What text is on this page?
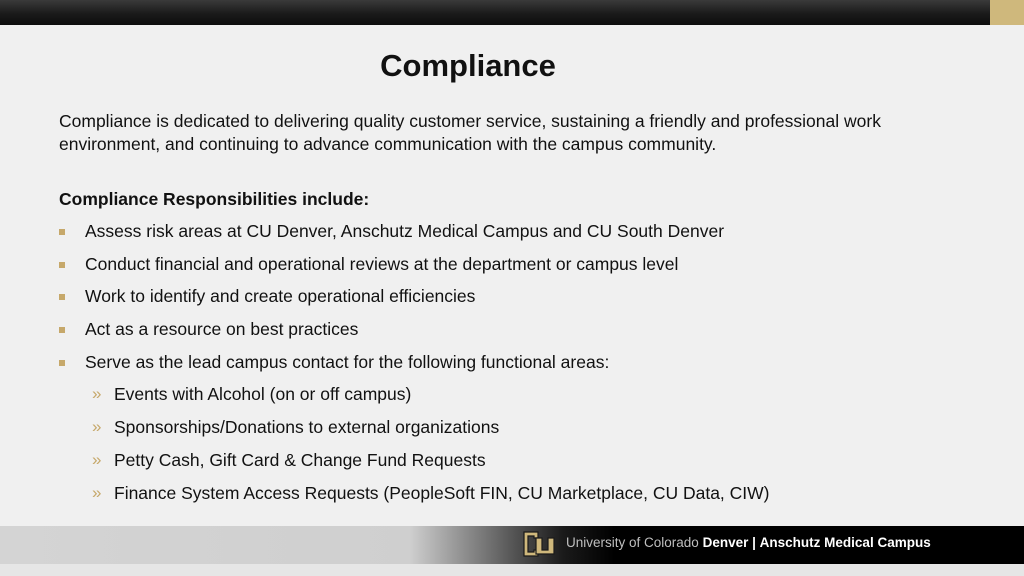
Compliance
Compliance is dedicated to delivering quality customer service, sustaining a friendly and professional work environment, and continuing to advance communication with the campus community.
Compliance Responsibilities include:
Assess risk areas at CU Denver, Anschutz Medical Campus and CU South Denver
Conduct financial and operational reviews at the department or campus level
Work to identify and create operational efficiencies
Act as a resource on best practices
Serve as the lead campus contact for the following functional areas:
» Events with Alcohol (on or off campus)
» Sponsorships/Donations to external organizations
» Petty Cash, Gift Card & Change Fund Requests
» Finance System Access Requests (PeopleSoft FIN, CU Marketplace, CU Data, CIW)
University of Colorado Denver | Anschutz Medical Campus
